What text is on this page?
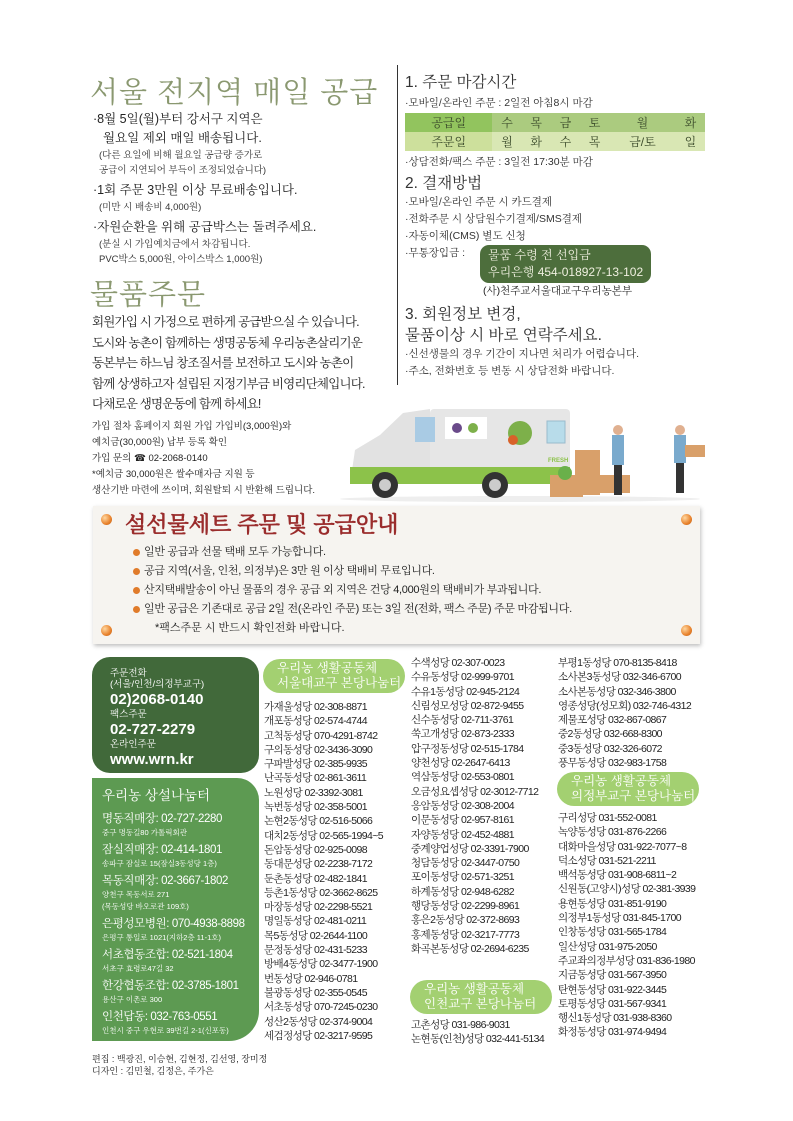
서울 전지역 매일 공급
·8월 5일(월)부터 강서구 지역은
월요일 제외 매일 배송됩니다.
(다른 요일에 비해 월요일 공급량 증가로
공급이 지연되어 부득이 조정되었습니다)
·1회 주문 3만원 이상 무료배송입니다.
(미만 시 배송비 4,000원)
·자원순환을 위해 공급박스는 돌려주세요.
(분실 시 가입예치금에서 차감됩니다.
PVC박스 5,000원, 아이스박스 1,000원)
물품주문
회원가입 시 가정으로 편하게 공급받으실 수 있습니다.
도시와 농촌이 함께하는 생명공동체 우리농촌살리기운
동본부는 하느님 창조질서를 보전하고 도시와 농촌이
함께 상생하고자 설립된 지정기부금 비영리단체입니다.
다채로운 생명운동에 함께 하세요!
가입 절차 홈페이지 회원 가입 가입비(3,000원)와
예치금(30,000원) 납부 등록 확인
가입 문의 ☎ 02-2068-0140
*예치금 30,000원은 쌀수매자금 지원 등
생산기반 마련에 쓰이며, 회원탈퇴 시 반환해 드립니다.
1. 주문 마감시간
·모바일/온라인 주문 : 2일전 아침8시 마감
공급일	수	목	금	토	월	화
주문일	월	화	수	목	금/토	일
·상담전화/팩스 주문 : 3일전 17:30분 마감
2. 결재방법
·모바일/온라인 주문 시 카드결제
·전화주문 시 상담원수기결제/SMS결제
·자동이체(CMS) 별도 신청
·무통장입금 :	물품 수령 전 선입금
우리은행 454-018927-13-102
(사)천주교서울대교구우리농본부
3. 회원정보 변경,
물품이상 시 바로 연락주세요.
·신선생물의 경우 기간이 지나면 처리가 어렵습니다.
·주소, 전화번호 등 변동 시 상담전화 바랍니다.
FRESH
설선물세트 주문 및 공급안내
일반 공급과 선물 택배 모두 가능합니다.
공급 지역(서울, 인천, 의정부)은 3만 원 이상 택배비 무료입니다.
산지택배발송이 아닌 물품의 경우 공급 외 지역은 건당 4,000원의 택배비가 부과됩니다.
일반 공급은 기존대로 공급 2일 전(온라인 주문) 또는 3일 전(전화, 팩스 주문) 주문 마감됩니다.
*팩스주문 시 반드시 확인전화 바랍니다.
주문전화
(서울/인천/의정부교구)
02)2068-0140
팩스주문
02-727-2279
온라인주문
www.wrn.kr
우리농 상설나눔터
명동직매장: 02-727-2280
중구 명동길80 가톨릭회관
잠실직매장: 02-414-1801
송파구 잠실로 15(잠실3동성당 1층)
목동직매장: 02-3667-1802
양천구 목동서로 271
(목동성당 바오로관 109호)
은평성모병원: 070-4938-8898
은평구 통일로 1021(지하2층 11-1호)
서초협동조합: 02-521-1804
서초구 효령로47길 32
한강협동조합: 02-3785-1801
용산구 이촌로 300
인천답동: 032-763-0551
인천시 중구 우현로 39번길 2-1(신포동)
우리농 생활공동체
서울대교구 본당나눔터
가재울성당 02-308-8871
개포동성당 02-574-4744
고척동성당 070-4291-8742
구의동성당 02-3436-3090
구파발성당 02-385-9935
난곡동성당 02-861-3611
노원성당 02-3392-3081
녹번동성당 02-358-5001
논현2동성당 02-516-5066
대치2동성당 02-565-1994~5
돈암동성당 02-925-0098
동대문성당 02-2238-7172
둔촌동성당 02-482-1841
등촌1동성당 02-3662-8625
마장동성당 02-2298-5521
명일동성당 02-481-0211
목5동성당 02-2644-1100
문정동성당 02-431-5233
방배4동성당 02-3477-1900
번동성당 02-946-0781
불광동성당 02-355-0545
서초동성당 070-7245-0230
성산2동성당 02-374-9004
세검정성당 02-3217-9595
수색성당 02-307-0023
수유동성당 02-999-9701
수유1동성당 02-945-2124
신림성모성당 02-872-9455
신수동성당 02-711-3761
쑥고개성당 02-873-2333
압구정동성당 02-515-1784
양천성당 02-2647-6413
역삼동성당 02-553-0801
오금성요셉성당 02-3012-7712
응암동성당 02-308-2004
이문동성당 02-957-8161
자양동성당 02-452-4881
중계양업성당 02-3391-7900
청담동성당 02-3447-0750
포이동성당 02-571-3251
하계동성당 02-948-6282
행당동성당 02-2299-8961
홍은2동성당 02-372-8693
홍제동성당 02-3217-7773
화곡본동성당 02-2694-6235
우리농 생활공동체
인천교구 본당나눔터
고촌성당 031-986-9031
논현동(인천)성당 032-441-5134
부평1동성당 070-8135-8418
소사본3동성당 032-346-6700
소사본동성당 032-346-3800
영종성당(성모회) 032-746-4312
제물포성당 032-867-0867
중2동성당 032-668-8300
중3동성당 032-326-6072
풍무동성당 032-983-1758
우리농 생활공동체
의정부교구 본당나눔터
구리성당 031-552-0081
녹양동성당 031-876-2266
대화마을성당 031-922-7077~8
덕소성당 031-521-2211
백석동성당 031-908-6811~2
신원동(고양시)성당 02-381-3939
용현동성당 031-851-9190
의정부1동성당 031-845-1700
인창동성당 031-565-1784
일산성당 031-975-2050
주교좌의정부성당 031-836-1980
지금동성당 031-567-3950
탄현동성당 031-922-3445
토평동성당 031-567-9341
행신1동성당 031-938-8360
화정동성당 031-974-9494
편집 : 백광진, 이승현, 김현정, 김선영, 장미정
디자인 : 김민철, 김정은, 주가은
